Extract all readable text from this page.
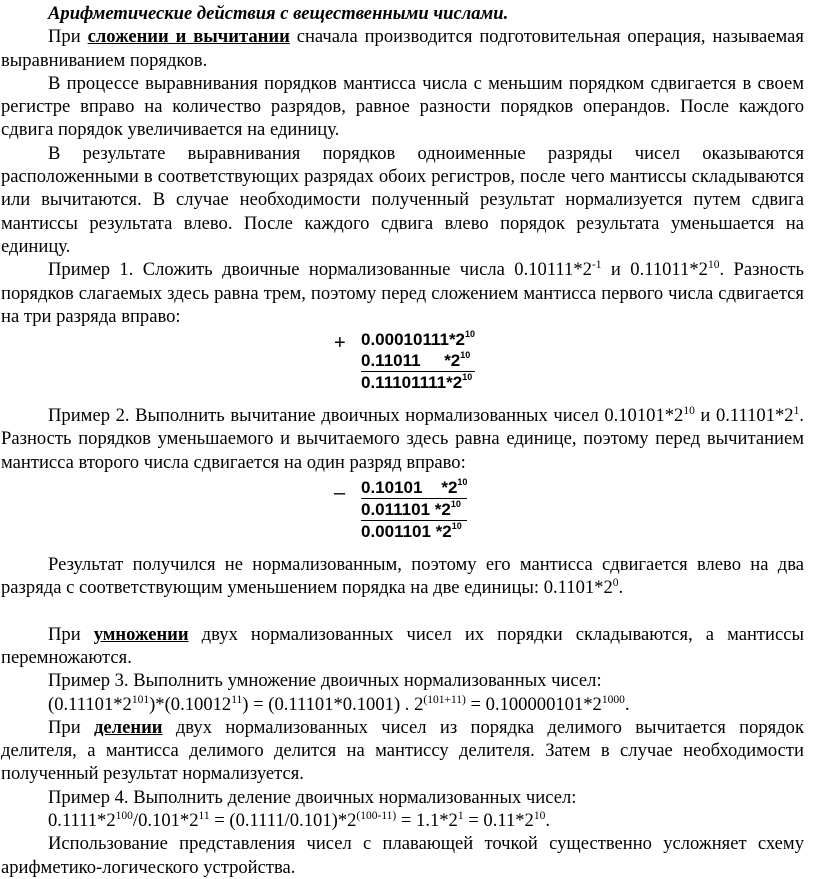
Арифметические действия с вещественными числами.

При сложении и вычитании сначала производится подготовительная операция, называемая выравниванием порядков.

В процессе выравнивания порядков мантисса числа с меньшим порядком сдвигается в своем регистре вправо на количество разрядов, равное разности порядков операндов. После каждого сдвига порядок увеличивается на единицу.

В результате выравнивания порядков одноименные разряды чисел оказываются расположенными в соответствующих разрядах обоих регистров, после чего мантиссы складываются или вычитаются. В случае необходимости полученный результат нормализуется путем сдвига мантиссы результата влево. После каждого сдвига влево порядок результата уменьшается на единицу.

Пример 1. Сложить двоичные нормализованные числа $0.10111*2^{-1}$ и $0.11011*2^{10}$. Разность порядков слагаемых здесь равна трем, поэтому перед сложением мантисса первого числа сдвигается на три разряда вправо:

+ $0.00010111*2^{10}$
0.11011     $*2^{10}$
$0.11101111*2^{10}$

Пример 2. Выполнить вычитание двоичных нормализованных чисел $0.10101*2^{10}$ и $0.11101*2^1$. Разность порядков уменьшаемого и вычитаемого здесь равна единице, поэтому перед вычитанием мантисса второго числа сдвигается на один разряд вправо:

– 0.10101    $*2^{10}$
0.011101 $*2^{10}$
0.001101 $*2^{10}$

Результат получился не нормализованным, поэтому его мантисса сдвигается влево на два разряда с соответствующим уменьшением порядка на две единицы: $0.1101*2^0$.

При умножении двух нормализованных чисел их порядки складываются, а мантиссы перемножаются.

Пример 3. Выполнить умножение двоичных нормализованных чисел:

$(0.11101*2^{101})*(0.10012^{11}) = (0.11101*0.1001)$ . $2^{(101+11)} = 0.100000101*2^{1000}$.

При делении двух нормализованных чисел из порядка делимого вычитается порядок делителя, а мантисса делимого делится на мантиссу делителя. Затем в случае необходимости полученный результат нормализуется.

Пример 4. Выполнить деление двоичных нормализованных чисел:

$0.1111*2^{100}/0.101*2^{11} = (0.1111/0.101)*2^{(100-11)} = 1.1*2^1 = 0.11*2^{10}$.

Использование представления чисел с плавающей точкой существенно усложняет схему арифметико-логического устройства.
